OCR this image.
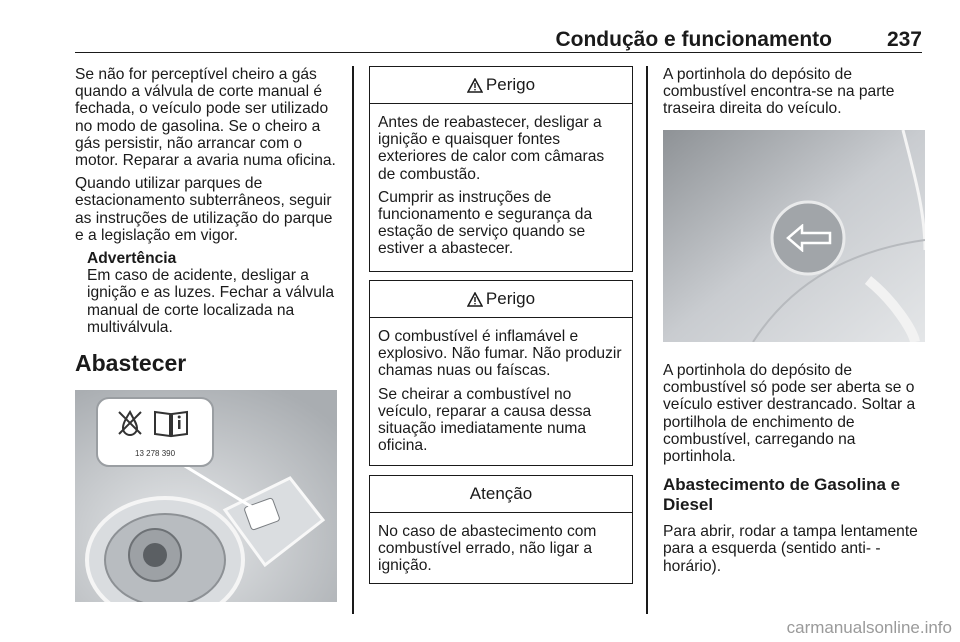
Condução e funcionamento	237

Se não for perceptível cheiro a gás quando a válvula de corte manual é fechada, o veículo pode ser utilizado no modo de gasolina. Se o cheiro a gás persistir, não arrancar com o motor. Reparar a avaria numa oficina.

Quando utilizar parques de estacionamento subterrâneos, seguir as instruções de utilização do parque e a legislação em vigor.

Advertência
Em caso de acidente, desligar a ignição e as luzes. Fechar a válvula manual de corte localizada na multiválvula.
Abastecer
13 278 390
Perigo

Antes de reabastecer, desligar a ignição e quaisquer fontes exteriores de calor com câmaras de combustão.

Cumprir as instruções de funcionamento e segurança da estação de serviço quando se estiver a abastecer.

Perigo

O combustível é inflamável e explosivo. Não fumar. Não produzir chamas nuas ou faíscas.

Se cheirar a combustível no veículo, reparar a causa dessa situação imediatamente numa oficina.

Atenção

No caso de abastecimento com combustível errado, não ligar a ignição.

A portinhola do depósito de combustível encontra-se na parte traseira direita do veículo.

A portinhola do depósito de combustível só pode ser aberta se o veículo estiver destrancado. Soltar a portilhola de enchimento de combustível, carregando na portinhola.

Abastecimento de Gasolina e Diesel

Para abrir, rodar a tampa lentamente para a esquerda (sentido anti- -horário).

carmanualsonline.info
